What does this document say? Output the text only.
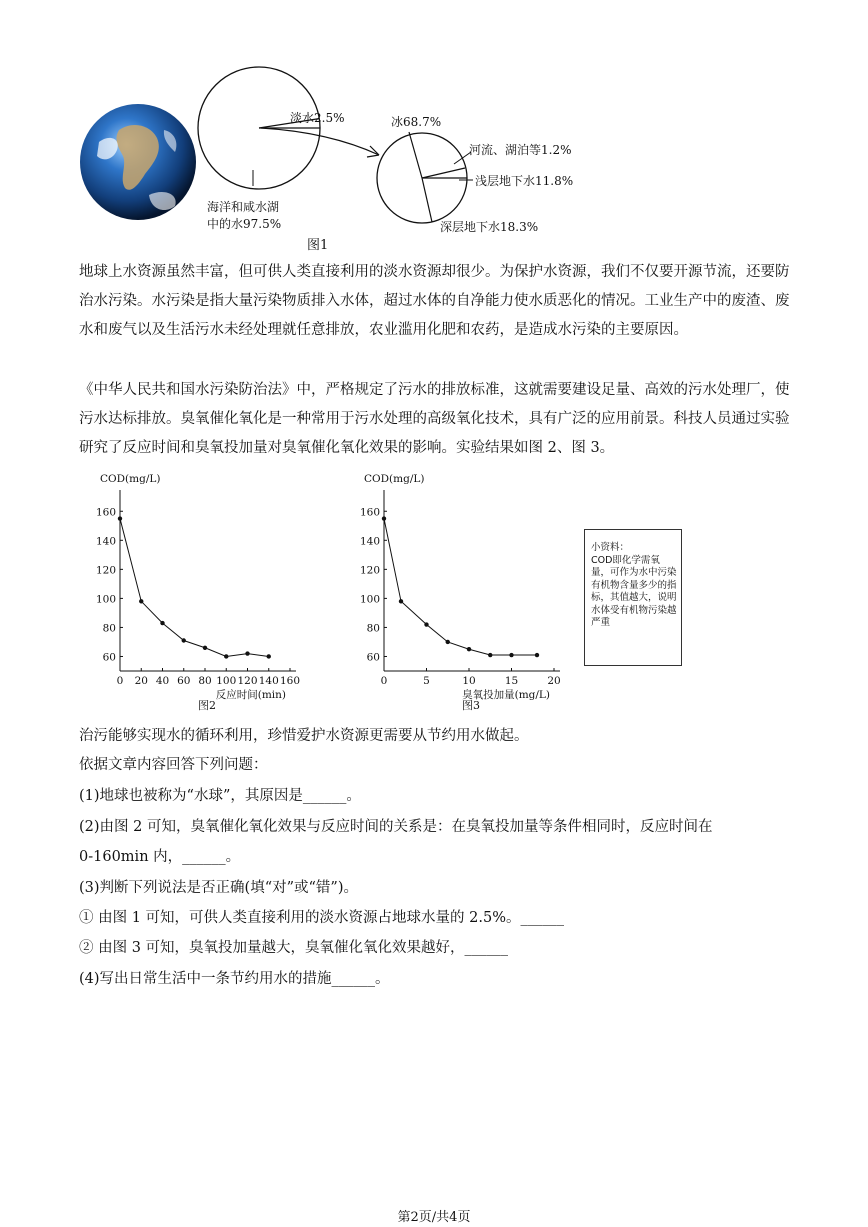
淡水2.5%
海洋和咸水湖
中的水97.5%
冰68.7%
河流、湖泊等1.2%
浅层地下水11.8%
深层地下水18.3%
图1

地球上水资源虽然丰富，但可供人类直接利用的淡水资源却很少。为保护水资源，我们不仅要开源节流，还要防治水污染。水污染是指大量污染物质排入水体，超过水体的自净能力使水质恶化的情况。工业生产中的废渣、废水和废气以及生活污水未经处理就任意排放，农业滥用化肥和农药，是造成水污染的主要原因。

《中华人民共和国水污染防治法》中，严格规定了污水的排放标准，这就需要建设足量、高效的污水处理厂，使污水达标排放。臭氧催化氧化是一种常用于污水处理的高级氧化技术，具有广泛的应用前景。科技人员通过实验研究了反应时间和臭氧投加量对臭氧催化氧化效果的影响。实验结果如图 2、图 3。

COD(mg/L)
60
80
100
120
140
160
0 20 40 60 80 100 120 140 160
反应时间(min)
图2
COD(mg/L)
60
80
100
120
140
160
0	5	10	15	20
臭氧投加量(mg/L)
图3
小资料：
COD即化学需氧量，可作为水中污染有机物含量多少的指标，其值越大，说明水体受有机物污染越严重
治污能够实现水的循环利用，珍惜爱护水资源更需要从节约用水做起。
依据文章内容回答下列问题：
(1)地球也被称为“水球”，其原因是______。
(2)由图 2 可知，臭氧催化氧化效果与反应时间的关系是：在臭氧投加量等条件相同时，反应时间在
0-160min 内，______。
(3)判断下列说法是否正确(填“对”或“错”)。
① 由图 1 可知，可供人类直接利用的淡水资源占地球水量的 2.5%。______
② 由图 3 可知，臭氧投加量越大，臭氧催化氧化效果越好，______
(4)写出日常生活中一条节约用水的措施______。
第2页/共4页
